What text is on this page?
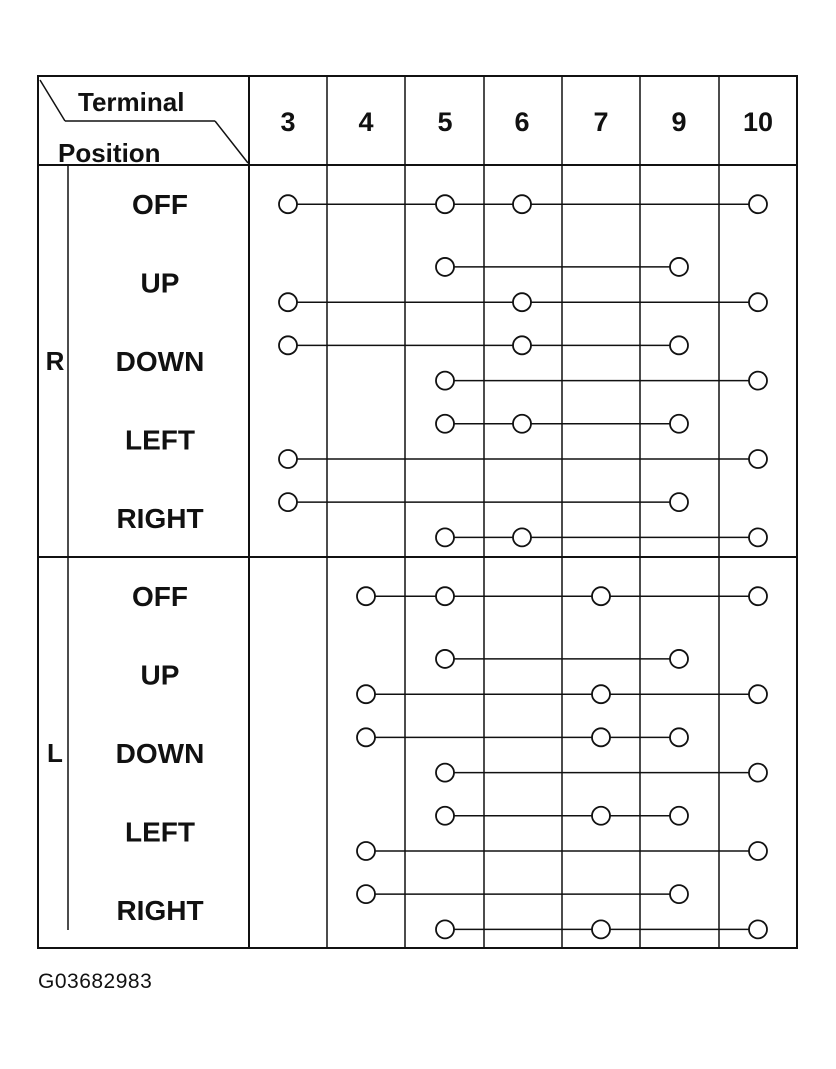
Terminal
Position
3 4 5 6 7 9 10
R
OFF
UP
DOWN
LEFT
RIGHT
L
OFF
UP
DOWN
LEFT
RIGHT
G03682983
